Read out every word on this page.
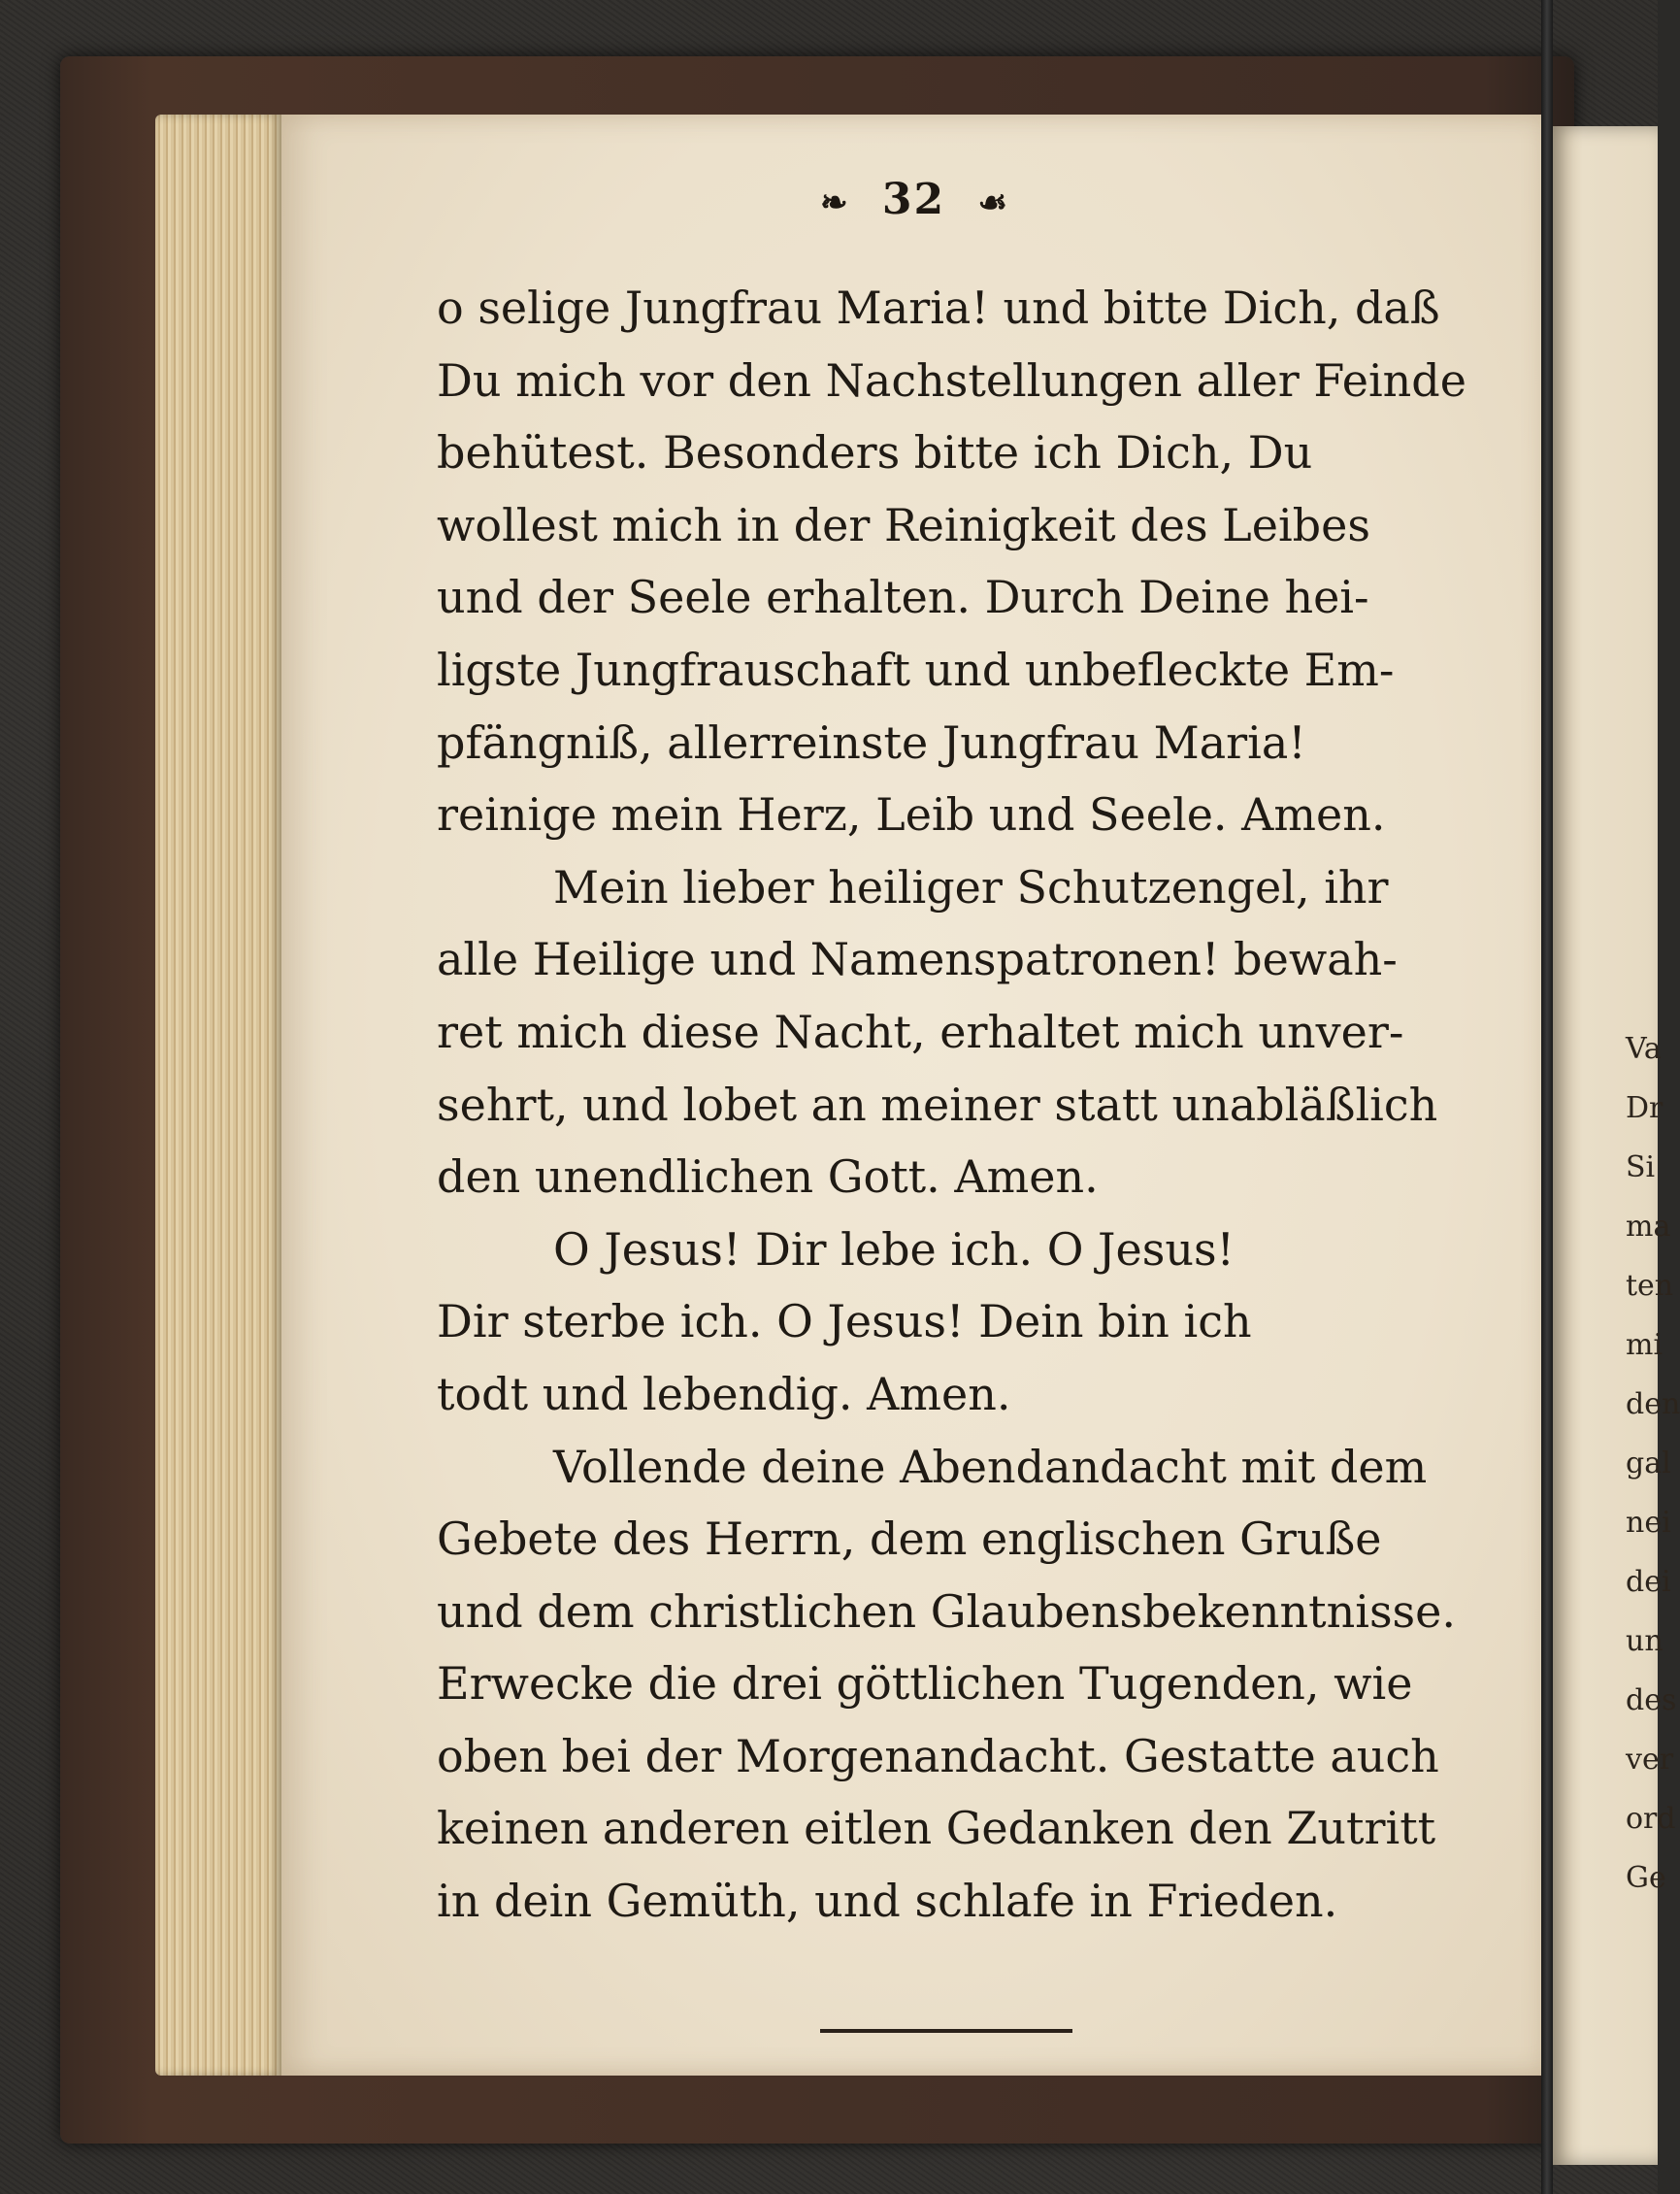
Va
Dr
Si
ma
ten
mi
den
gal
nei
dei
un
des
ver
ord
Ge
❧ 32 ☙
o selige Jungfrau Maria! und bitte Dich, daß
Du mich vor den Nachstellungen aller Feinde
behütest. Besonders bitte ich Dich, Du
wollest mich in der Reinigkeit des Leibes
und der Seele erhalten. Durch Deine hei-
ligste Jungfrauschaft und unbefleckte Em-
pfängniß, allerreinste Jungfrau Maria!
reinige mein Herz, Leib und Seele. Amen.
Mein lieber heiliger Schutzengel, ihr
alle Heilige und Namenspatronen! bewah-
ret mich diese Nacht, erhaltet mich unver-
sehrt, und lobet an meiner statt unabläßlich
den unendlichen Gott. Amen.
O Jesus! Dir lebe ich. O Jesus!
Dir sterbe ich. O Jesus! Dein bin ich
todt und lebendig. Amen.
Vollende deine Abendandacht mit dem
Gebete des Herrn, dem englischen Gruße
und dem christlichen Glaubensbekenntnisse.
Erwecke die drei göttlichen Tugenden, wie
oben bei der Morgenandacht. Gestatte auch
keinen anderen eitlen Gedanken den Zutritt
in dein Gemüth, und schlafe in Frieden.
